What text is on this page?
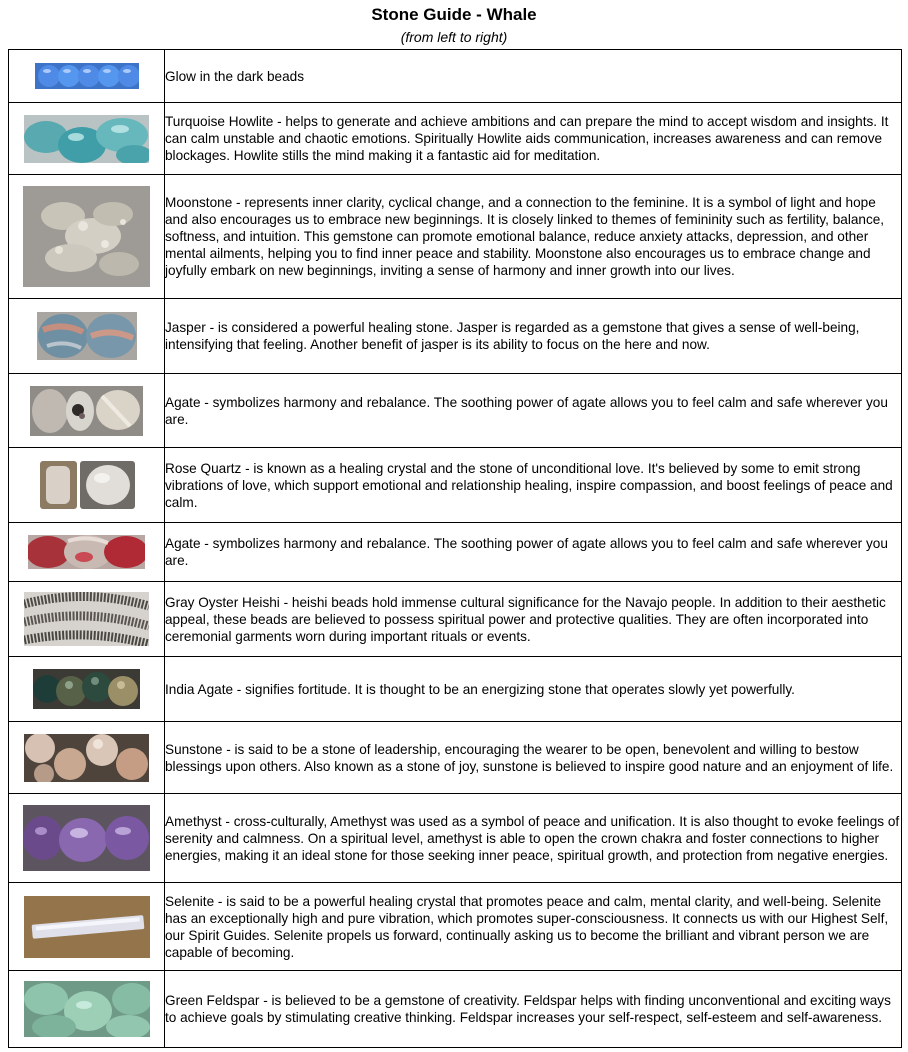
Stone Guide - Whale
(from left to right)
	Glow in the dark beads

	Turquoise Howlite - helps to generate and achieve ambitions and can prepare the mind to accept wisdom and insights. It can calm unstable and chaotic emotions. Spiritually Howlite aids communication, increases awareness and can remove blockages. Howlite stills the mind making it a fantastic aid for meditation.

	Moonstone - represents inner clarity, cyclical change, and a connection to the feminine. It is a symbol of light and hope and also encourages us to embrace new beginnings. It is closely linked to themes of femininity such as fertility, balance, softness, and intuition. This gemstone can promote emotional balance, reduce anxiety attacks, depression, and other mental ailments, helping you to find inner peace and stability. Moonstone also encourages us to embrace change and joyfully embark on new beginnings, inviting a sense of harmony and inner growth into our lives.

	Jasper - is considered a powerful healing stone. Jasper is regarded as a gemstone that gives a sense of well-being, intensifying that feeling. Another benefit of jasper is its ability to focus on the here and now.

	Agate - symbolizes harmony and rebalance. The soothing power of agate allows you to feel calm and safe wherever you are.

	Rose Quartz - is known as a healing crystal and the stone of unconditional love. It's believed by some to emit strong vibrations of love, which support emotional and relationship healing, inspire compassion, and boost feelings of peace and calm.

	Agate - symbolizes harmony and rebalance. The soothing power of agate allows you to feel calm and safe wherever you are.

	Gray Oyster Heishi - heishi beads hold immense cultural significance for the Navajo people. In addition to their aesthetic appeal, these beads are believed to possess spiritual power and protective qualities. They are often incorporated into ceremonial garments worn during important rituals or events.

	India Agate - signifies fortitude. It is thought to be an energizing stone that operates slowly yet powerfully.

	Sunstone - is said to be a stone of leadership, encouraging the wearer to be open, benevolent and willing to bestow blessings upon others. Also known as a stone of joy, sunstone is believed to inspire good nature and an enjoyment of life.

	Amethyst - cross-culturally, Amethyst was used as a symbol of peace and unification. It is also thought to evoke feelings of serenity and calmness. On a spiritual level, amethyst is able to open the crown chakra and foster connections to higher energies, making it an ideal stone for those seeking inner peace, spiritual growth, and protection from negative energies.

	Selenite - is said to be a powerful healing crystal that promotes peace and calm, mental clarity, and well-being. Selenite has an exceptionally high and pure vibration, which promotes super-consciousness. It connects us with our Highest Self, our Spirit Guides. Selenite propels us forward, continually asking us to become the brilliant and vibrant person we are capable of becoming.

	Green Feldspar - is believed to be a gemstone of creativity. Feldspar helps with finding unconventional and exciting ways to achieve goals by stimulating creative thinking. Feldspar increases your self-respect, self-esteem and self-awareness.
